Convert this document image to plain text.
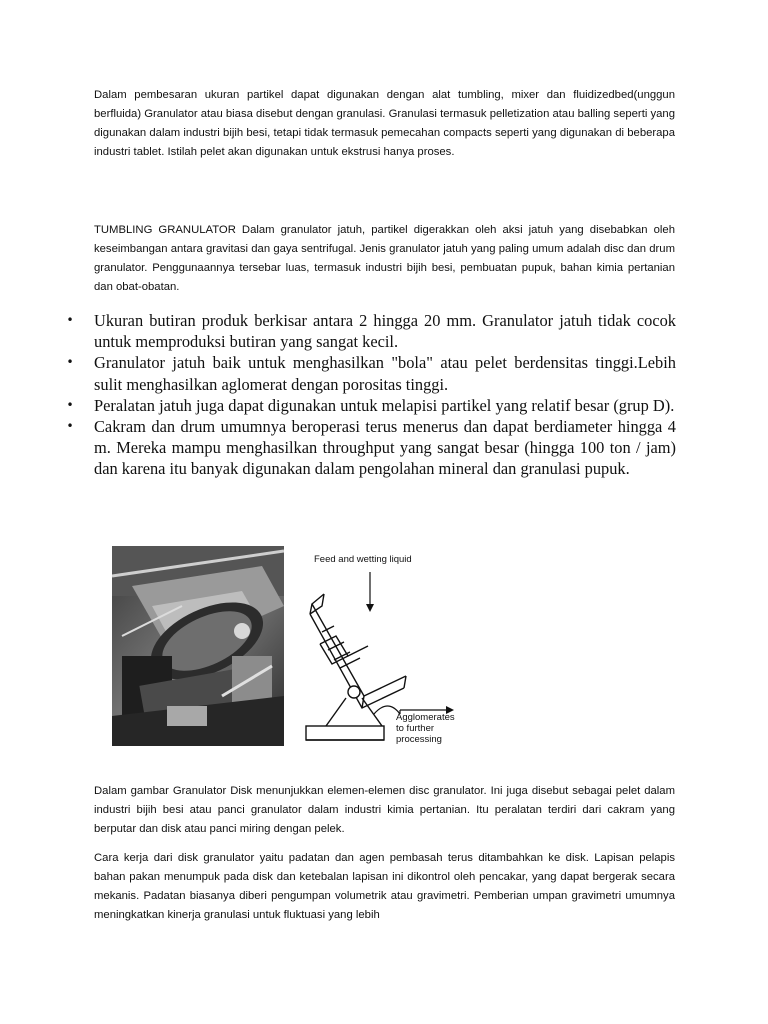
Dalam pembesaran ukuran partikel dapat digunakan dengan alat tumbling, mixer dan fluidizedbed(unggun berfluida) Granulator atau biasa disebut dengan granulasi. Granulasi termasuk pelletization atau balling seperti yang digunakan dalam industri bijih besi, tetapi tidak termasuk pemecahan compacts seperti yang digunakan di beberapa industri tablet. Istilah pelet akan digunakan untuk ekstrusi hanya proses.

TUMBLING GRANULATOR Dalam granulator jatuh, partikel digerakkan oleh aksi jatuh yang disebabkan oleh keseimbangan antara gravitasi dan gaya sentrifugal. Jenis granulator jatuh yang paling umum adalah disc dan drum granulator. Penggunaannya tersebar luas, termasuk industri bijih besi, pembuatan pupuk, bahan kimia pertanian dan obat-obatan.

• Ukuran butiran produk berkisar antara 2 hingga 20 mm. Granulator jatuh tidak cocok untuk memproduksi butiran yang sangat kecil.
• Granulator jatuh baik untuk menghasilkan "bola" atau pelet berdensitas tinggi.Lebih sulit menghasilkan aglomerat dengan porositas tinggi.
• Peralatan jatuh juga dapat digunakan untuk melapisi partikel yang relatif besar (grup D).
• Cakram dan drum umumnya beroperasi terus menerus dan dapat berdiameter hingga 4 m. Mereka mampu menghasilkan throughput yang sangat besar (hingga 100 ton / jam) dan karena itu banyak digunakan dalam pengolahan mineral dan granulasi pupuk.
Feed and wetting liquid
Agglomerates
to further
processing

Dalam gambar Granulator Disk menunjukkan elemen-elemen disc granulator. Ini juga disebut sebagai pelet dalam industri bijih besi atau panci granulator dalam industri kimia pertanian. Itu peralatan terdiri dari cakram yang berputar dan disk atau panci miring dengan pelek.

Cara kerja dari disk granulator yaitu padatan dan agen pembasah terus ditambahkan ke disk. Lapisan pelapis bahan pakan menumpuk pada disk dan ketebalan lapisan ini dikontrol oleh pencakar, yang dapat bergerak secara mekanis. Padatan biasanya diberi pengumpan volumetrik atau gravimetri. Pemberian umpan gravimetri umumnya meningkatkan kinerja granulasi untuk fluktuasi yang lebih
